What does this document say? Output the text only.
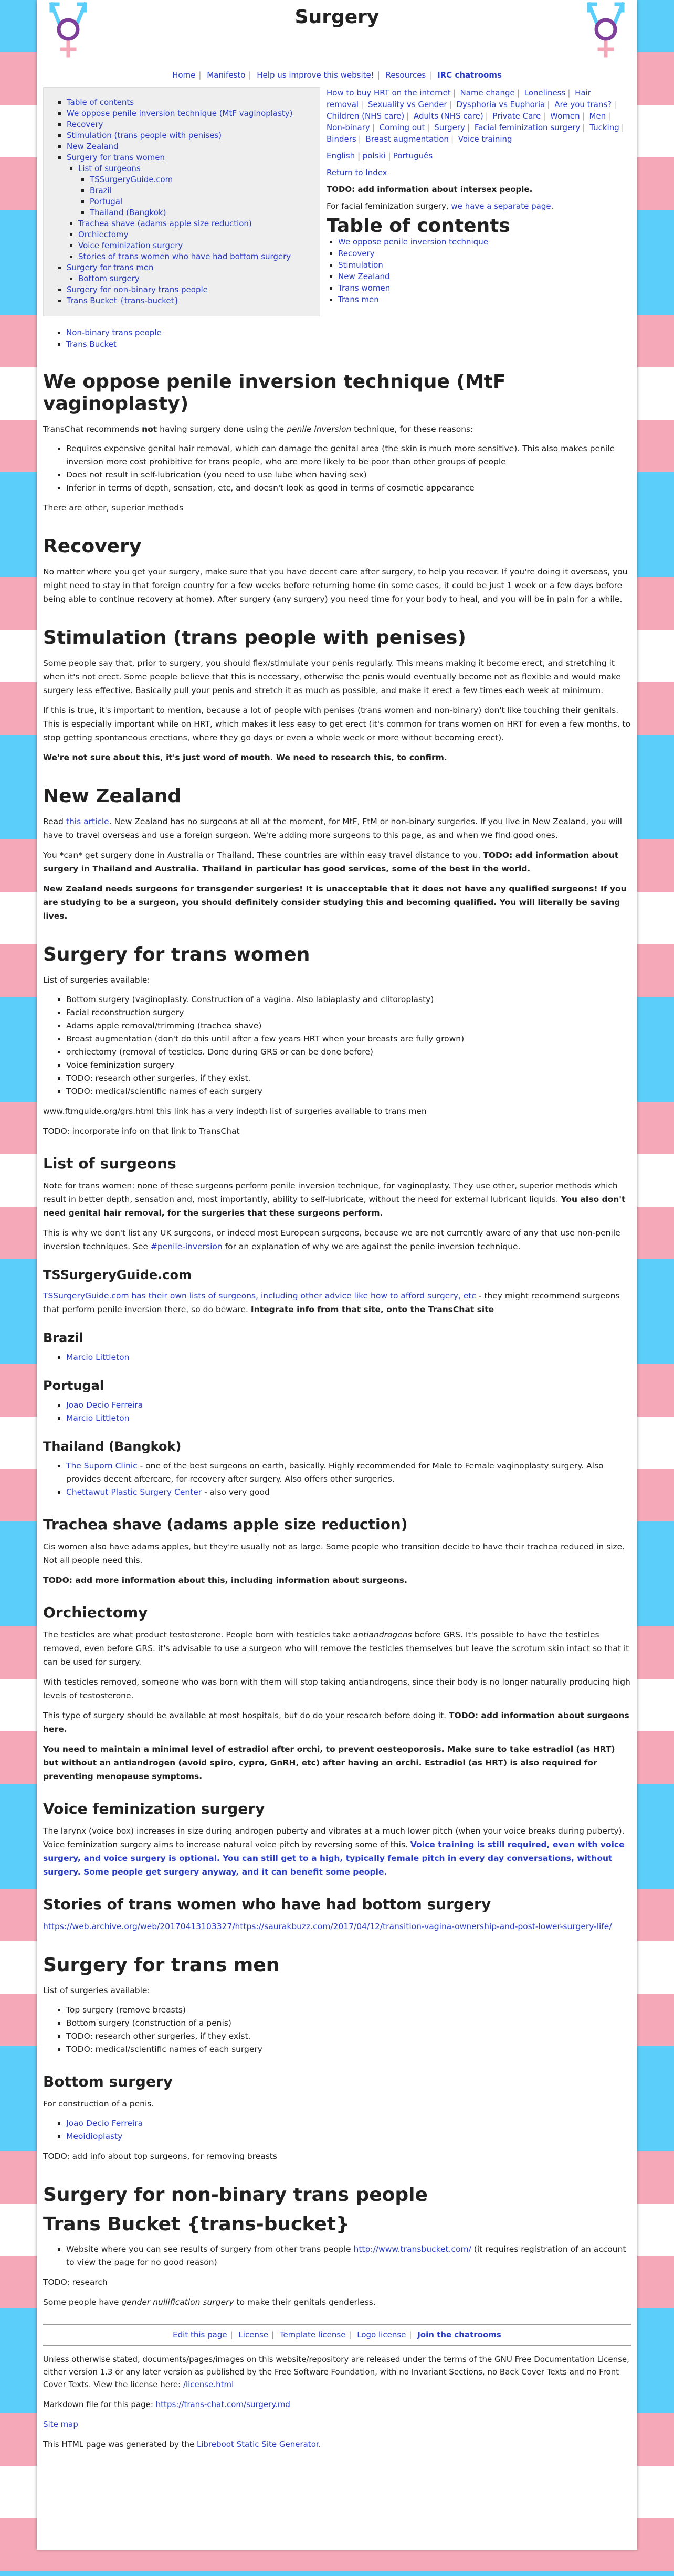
Surgery
Home | Manifesto | Help us improve this website! | Resources | IRC chatrooms
▪ Table of contents
▪ We oppose penile inversion technique (MtF vaginoplasty)
▪ Recovery
▪ Stimulation (trans people with penises)
▪ New Zealand
▪ Surgery for trans women
▪ List of surgeons
▪ TSSurgeryGuide.com
▪ Brazil
▪ Portugal
▪ Thailand (Bangkok)
▪ Trachea shave (adams apple size reduction)
▪ Orchiectomy
▪ Voice feminization surgery
▪ Stories of trans women who have had bottom surgery
▪ Surgery for trans men
▪ Bottom surgery
▪ Surgery for non-binary trans people
▪ Trans Bucket {trans-bucket}
How to buy HRT on the internet | Name change | Loneliness | Hair removal | Sexuality vs Gender | Dysphoria vs Euphoria | Are you trans? | Children (NHS care) | Adults (NHS care) | Private Care | Women | Men | Non-binary | Coming out | Surgery | Facial feminization surgery | Tucking | Binders | Breast augmentation | Voice training

English | polski | Português

Return to Index

TODO: add information about intersex people.

For facial feminization surgery, we have a separate page.

Table of contents
▪ We oppose penile inversion technique
▪ Recovery
▪ Stimulation
▪ New Zealand
▪ Trans women
▪ Trans men
▪ Non-binary trans people
▪ Trans Bucket
We oppose penile inversion technique (MtF vaginoplasty)

TransChat recommends not having surgery done using the penile inversion technique, for these reasons:

▪ Requires expensive genital hair removal, which can damage the genital area (the skin is much more sensitive). This also makes penile inversion more cost prohibitive for trans people, who are more likely to be poor than other groups of people
▪ Does not result in self-lubrication (you need to use lube when having sex)
▪ Inferior in terms of depth, sensation, etc, and doesn't look as good in terms of cosmetic appearance

There are other, superior methods

Recovery

No matter where you get your surgery, make sure that you have decent care after surgery, to help you recover. If you're doing it overseas, you might need to stay in that foreign country for a few weeks before returning home (in some cases, it could be just 1 week or a few days before being able to continue recovery at home). After surgery (any surgery) you need time for your body to heal, and you will be in pain for a while.

Stimulation (trans people with penises)

Some people say that, prior to surgery, you should flex/stimulate your penis regularly. This means making it become erect, and stretching it when it's not erect. Some people believe that this is necessary, otherwise the penis would eventually become not as flexible and would make surgery less effective. Basically pull your penis and stretch it as much as possible, and make it erect a few times each week at minimum.

If this is true, it's important to mention, because a lot of people with penises (trans women and non-binary) don't like touching their genitals. This is especially important while on HRT, which makes it less easy to get erect (it's common for trans women on HRT for even a few months, to stop getting spontaneous erections, where they go days or even a whole week or more without becoming erect).

We're not sure about this, it's just word of mouth. We need to research this, to confirm.

New Zealand

Read this article. New Zealand has no surgeons at all at the moment, for MtF, FtM or non-binary surgeries. If you live in New Zealand, you will have to travel overseas and use a foreign surgeon. We're adding more surgeons to this page, as and when we find good ones.

You *can* get surgery done in Australia or Thailand. These countries are within easy travel distance to you. TODO: add information about surgery in Thailand and Australia. Thailand in particular has good services, some of the best in the world.

New Zealand needs surgeons for transgender surgeries! It is unacceptable that it does not have any qualified surgeons! If you are studying to be a surgeon, you should definitely consider studying this and becoming qualified. You will literally be saving lives.

Surgery for trans women

List of surgeries available:

▪ Bottom surgery (vaginoplasty. Construction of a vagina. Also labiaplasty and clitoroplasty)
▪ Facial reconstruction surgery
▪ Adams apple removal/trimming (trachea shave)
▪ Breast augmentation (don't do this until after a few years HRT when your breasts are fully grown)
▪ orchiectomy (removal of testicles. Done during GRS or can be done before)
▪ Voice feminization surgery
▪ TODO: research other surgeries, if they exist.
▪ TODO: medical/scientific names of each surgery

www.ftmguide.org/grs.html this link has a very indepth list of surgeries available to trans men

TODO: incorporate info on that link to TransChat

List of surgeons

Note for trans women: none of these surgeons perform penile inversion technique, for vaginoplasty. They use other, superior methods which result in better depth, sensation and, most importantly, ability to self-lubricate, without the need for external lubricant liquids. You also don't need genital hair removal, for the surgeries that these surgeons perform.

This is why we don't list any UK surgeons, or indeed most European surgeons, because we are not currently aware of any that use non-penile inversion techniques. See #penile-inversion for an explanation of why we are against the penile inversion technique.

TSSurgeryGuide.com

TSSurgeryGuide.com has their own lists of surgeons, including other advice like how to afford surgery, etc - they might recommend surgeons that perform penile inversion there, so do beware. Integrate info from that site, onto the TransChat site

Brazil
▪ Marcio Littleton
Portugal
▪ Joao Decio Ferreira
▪ Marcio Littleton
Thailand (Bangkok)
▪ The Suporn Clinic - one of the best surgeons on earth, basically. Highly recommended for Male to Female vaginoplasty surgery. Also provides decent aftercare, for recovery after surgery. Also offers other surgeries.
▪ Chettawut Plastic Surgery Center - also very good
Trachea shave (adams apple size reduction)

Cis women also have adams apples, but they're usually not as large. Some people who transition decide to have their trachea reduced in size. Not all people need this.

TODO: add more information about this, including information about surgeons.

Orchiectomy

The testicles are what product testosterone. People born with testicles take antiandrogens before GRS. It's possible to have the testicles removed, even before GRS. it's advisable to use a surgeon who will remove the testicles themselves but leave the scrotum skin intact so that it can be used for surgery.

With testicles removed, someone who was born with them will stop taking antiandrogens, since their body is no longer naturally producing high levels of testosterone.

This type of surgery should be available at most hospitals, but do do your research before doing it. TODO: add information about surgeons here.

You need to maintain a minimal level of estradiol after orchi, to prevent oesteoporosis. Make sure to take estradiol (as HRT) but without an antiandrogen (avoid spiro, cypro, GnRH, etc) after having an orchi. Estradiol (as HRT) is also required for preventing menopause symptoms.

Voice feminization surgery

The larynx (voice box) increases in size during androgen puberty and vibrates at a much lower pitch (when your voice breaks during puberty). Voice feminization surgery aims to increase natural voice pitch by reversing some of this. Voice training is still required, even with voice surgery, and voice surgery is optional. You can still get to a high, typically female pitch in every day conversations, without surgery. Some people get surgery anyway, and it can benefit some people.

Stories of trans women who have had bottom surgery

https://web.archive.org/web/20170413103327/https://saurakbuzz.com/2017/04/12/transition-vagina-ownership-and-post-lower-surgery-life/

Surgery for trans men

List of surgeries available:

▪ Top surgery (remove breasts)
▪ Bottom surgery (construction of a penis)
▪ TODO: research other surgeries, if they exist.
▪ TODO: medical/scientific names of each surgery
Bottom surgery

For construction of a penis.

▪ Joao Decio Ferreira
▪ Meoidioplasty

TODO: add info about top surgeons, for removing breasts

Surgery for non-binary trans people
Trans Bucket {trans-bucket}
▪ Website where you can see results of surgery from other trans people http://www.transbucket.com/ (it requires registration of an account to view the page for no good reason)

TODO: research

Some people have gender nullification surgery to make their genitals genderless.

Edit this page | License | Template license | Logo license | Join the chatrooms

Unless otherwise stated, documents/pages/images on this website/repository are released under the terms of the GNU Free Documentation License, either version 1.3 or any later version as published by the Free Software Foundation, with no Invariant Sections, no Back Cover Texts and no Front Cover Texts. View the license here: /license.html

Markdown file for this page: https://trans-chat.com/surgery.md

Site map

This HTML page was generated by the Libreboot Static Site Generator.
